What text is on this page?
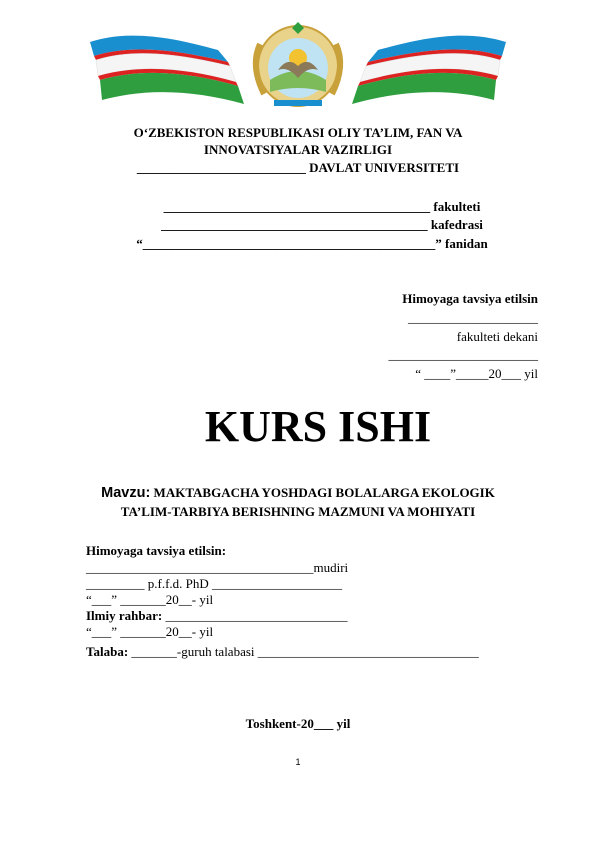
O‘ZBEKISTON RESPUBLIKASI OLIY TA’LIM, FAN VA
INNOVATSIYALAR VAZIRLIGI
__________________________ DAVLAT UNIVERSITETI
_________________________________________ fakulteti
_________________________________________ kafedrasi
“_____________________________________________” fanidan
Himoyaga tavsiya etilsin
____________________
fakulteti dekani
_______________________
“ ____”_____20___ yil
KURS ISHI
Mavzu: MAKTABGACHA YOSHDAGI BOLALARGA EKOLOGIK
TA’LIM-TARBIYA BERISHNING MAZMUNI VA MOHIYATI
Himoyaga tavsiya etilsin:
___________________________________mudiri
_________ p.f.f.d. PhD ____________________
“___” _______20__- yil
Ilmiy rahbar: ____________________________
“___” _______20__- yil
Talaba: _______-guruh talabasi __________________________________
Toshkent-20___ yil
1
